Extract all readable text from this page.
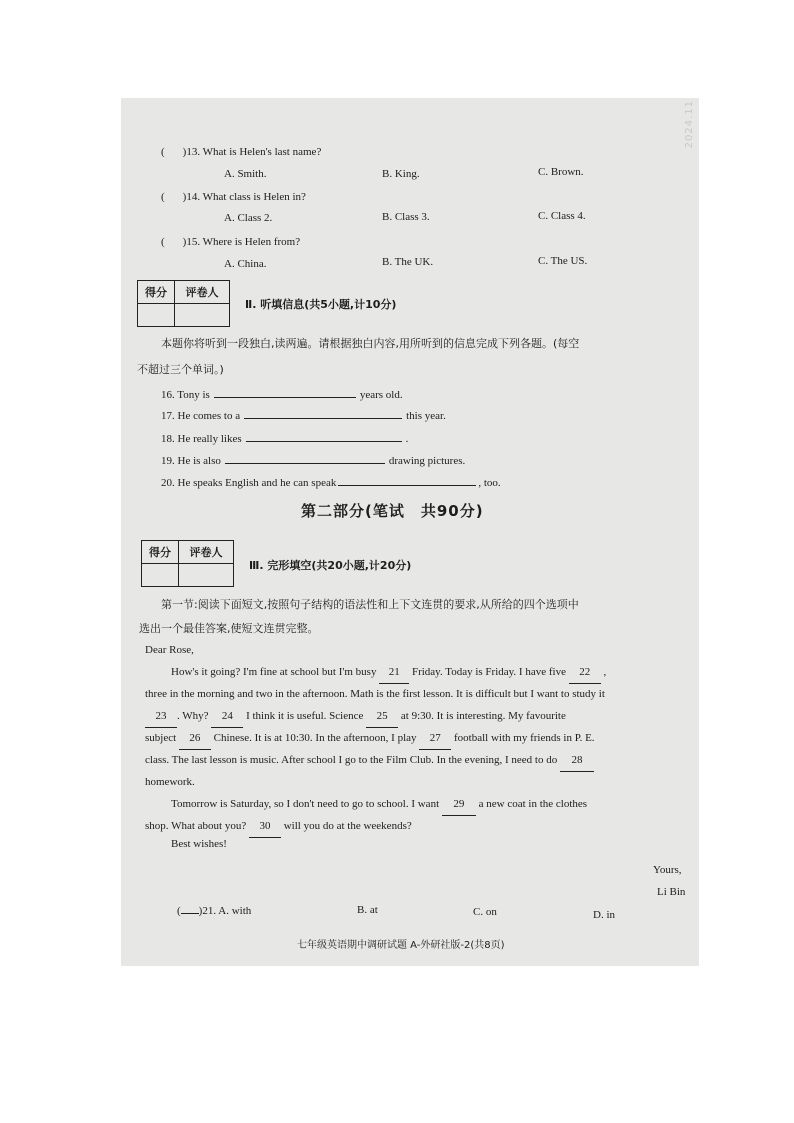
( )13. What is Helen's last name?
A. Smith.	B. King.	C. Brown.
( )14. What class is Helen in?
A. Class 2.	B. Class 3.	C. Class 4.
( )15. Where is Helen from?
A. China.	B. The UK.	C. The US.
得分	评卷人

Ⅱ. 听填信息(共5小题,计10分)
本题你将听到一段独白,读两遍。请根据独白内容,用所听到的信息完成下列各题。(每空
不超过三个单词。)
16. Tony is	years old.
17. He comes to a	this year.
18. He really likes	.
19. He is also	drawing pictures.
20. He speaks English and he can speak	, too.
第二部分(笔试　共90分)
得分	评卷人

Ⅲ. 完形填空(共20小题,计20分)
第一节:阅读下面短文,按照句子结构的语法性和上下文连贯的要求,从所给的四个选项中
选出一个最佳答案,使短文连贯完整。
Dear Rose,
How's it going? I'm fine at school but I'm busy 21 Friday. Today is Friday. I have five 22 ,
three in the morning and two in the afternoon. Math is the first lesson. It is difficult but I want to study it
23 . Why? 24 I think it is useful. Science 25 at 9:30. It is interesting. My favourite
subject 26 Chinese. It is at 10:30. In the afternoon, I play 27 football with my friends in P. E.
class. The last lesson is music. After school I go to the Film Club. In the evening, I need to do 28
homework.
Tomorrow is Saturday, so I don't need to go to school. I want 29 a new coat in the clothes
shop. What about you? 30 will you do at the weekends?
Best wishes!
Yours,
Li Bin
( )21. A. with	B. at	C. on	D. in
七年级英语期中调研试题 A-外研社版-2(共8页)
2024.11
